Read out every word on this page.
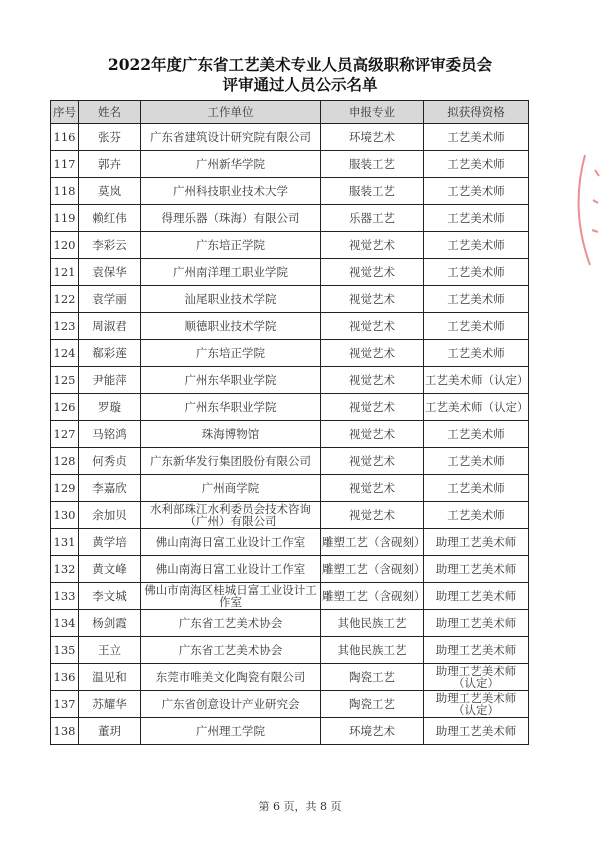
2022年度广东省工艺美术专业人员高级职称评审委员会
评审通过人员公示名单
序号	姓名	工作单位	申报专业	拟获得资格
116	张芬	广东省建筑设计研究院有限公司	环境艺术	工艺美术师
117	郭卉	广州新华学院	服装工艺	工艺美术师
118	莫岚	广州科技职业技术大学	服装工艺	工艺美术师
119	赖红伟	得理乐器（珠海）有限公司	乐器工艺	工艺美术师
120	李彩云	广东培正学院	视觉艺术	工艺美术师
121	袁保华	广州南洋理工职业学院	视觉艺术	工艺美术师
122	袁学丽	汕尾职业技术学院	视觉艺术	工艺美术师
123	周淑君	顺德职业技术学院	视觉艺术	工艺美术师
124	郗彩莲	广东培正学院	视觉艺术	工艺美术师
125	尹能萍	广州东华职业学院	视觉艺术	工艺美术师（认定）
126	罗璇	广州东华职业学院	视觉艺术	工艺美术师（认定）
127	马铭鸿	珠海博物馆	视觉艺术	工艺美术师
128	何秀贞	广东新华发行集团股份有限公司	视觉艺术	工艺美术师
129	李嘉欣	广州商学院	视觉艺术	工艺美术师
130	余加贝	水利部珠江水利委员会技术咨询（广州）有限公司	视觉艺术	工艺美术师
131	黄学培	佛山南海日富工业设计工作室	雕塑工艺（含砚刻）	助理工艺美术师
132	黄文峰	佛山南海日富工业设计工作室	雕塑工艺（含砚刻）	助理工艺美术师
133	李文城	佛山市南海区桂城日富工业设计工作室	雕塑工艺（含砚刻）	助理工艺美术师
134	杨剑霞	广东省工艺美术协会	其他民族工艺	助理工艺美术师
135	王立	广东省工艺美术协会	其他民族工艺	助理工艺美术师
136	温见和	东莞市唯美文化陶瓷有限公司	陶瓷工艺	助理工艺美术师（认定）
137	苏耀华	广东省创意设计产业研究会	陶瓷工艺	助理工艺美术师（认定）
138	董玥	广州理工学院	环境艺术	助理工艺美术师
第 6 页，共 8 页
